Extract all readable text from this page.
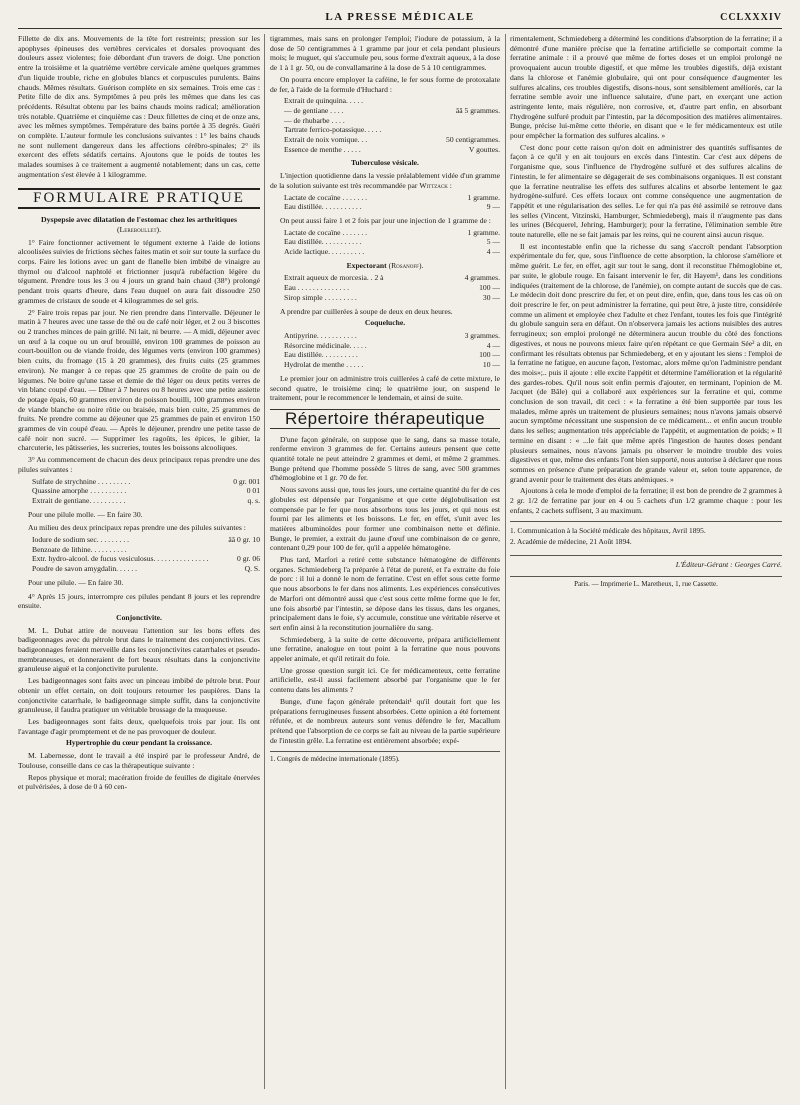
LA PRESSE MÉDICALE	CCLXXXIV

Fillette de dix ans. Mouvements de la tête fort restreints; pression sur les apophyses épineuses des vertèbres cervicales et dorsales provoquant des douleurs assez violentes; foie débordant d'un travers de doigt. Une ponction entre la troisième et la quatrième vertèbre cervicale amène quelques grammes d'un liquide trouble, riche en globules blancs et corpuscules purulents. Bains chauds. Mêmes résultats. Guérison complète en six semaines. Trois eme cas : Petite fille de dix ans. Symptômes à peu près les mêmes que dans les cas précédents. Résultat obtenu par les bains chauds moins radical; amélioration très notable. Quatrième et cinquième cas : Deux fillettes de cinq et de onze ans, avec les mêmes symptômes. Température des bains portée à 35 degrés. Guéri on complète. L'auteur formule les conclusions suivantes : 1° les bains chauds ne sont nullement dangereux dans les affections cérébro-spinales; 2° ils exercent des effets sédatifs certains. Ajoutons que le poids de toutes les malades soumises à ce traitement a augmenté notablement; dans un cas, cette augmentation s'est élevée à 1 kilogramme.

FORMULAIRE PRATIQUE
Dyspepsie avec dilatation de l'estomac chez les arthritiques (Lereboullet).

1° Faire fonctionner activement le tégument externe à l'aide de lotions alcoolisées suivies de frictions sèches faites matin et soir sur toute la surface du corps. Faire les lotions avec un gant de flanelle bien imbibé de vinaigre au thymol ou d'alcool naphtolé et frictionner jusqu'à rubéfaction légère du tégument. Prendre tous les 3 ou 4 jours un grand bain chaud (38°) prolongé pendant trois quarts d'heure, dans l'eau duquel on aura fait dissoudre 250 grammes de cristaux de soude et 4 kilogrammes de sel gris.

2° Faire trois repas par jour. Ne rien prendre dans l'intervalle. Déjeuner le matin à 7 heures avec une tasse de thé ou de café noir léger, et 2 ou 3 biscottes ou 2 tranches minces de pain grillé. Ni lait, ni beurre. — A midi, déjeuner avec un œuf à la coque ou un œuf brouillé, environ 100 grammes de poisson au court-bouillon ou de viande froide, des légumes verts (environ 100 grammes) bien cuits, du fromage (15 à 20 grammes), des fruits cuits (25 grammes environ). Ne manger à ce repas que 25 grammes de croûte de pain ou de légumes. Ne boire qu'une tasse et demie de thé léger ou deux petits verres de vin blanc coupé d'eau. — Dîner à 7 heures ou 8 heures avec une petite assiette de potage épais, 60 grammes environ de poisson bouilli, 100 grammes environ de viande blanche ou noire rôtie ou braisée, mais bien cuite, 25 grammes de fruits. Ne prendre comme au déjeuner que 25 grammes de pain et environ 150 grammes de vin coupé d'eau. — Après le déjeuner, prendre une petite tasse de café noir non sucré. — Supprimer les ragoûts, les épices, le gibier, la charcuterie, les pâtisseries, les sucreries, toutes les boissons alcooliques.

3° Au commencement de chacun des deux principaux repas prendre une des pilules suivantes :

Sulfate de strychnine . . . . . . . . .	0 gr. 001
Quassine amorphe . . . . . . . . . .	0 01
Extrait de gentiane. . . . . . . . . .	q. s.

Pour une pilule molle. — En faire 30.

Au milieu des deux principaux repas prendre une des pilules suivantes :

Iodure de sodium sec. . . . . . . . .	ââ 0 gr. 10
Benzoate de lithine. . . . . . . . . .
Extr. hydro-alcool. de fucus vesiculosus. . . . . . . . . . . . . . .	0 gr. 06
Poudre de savon amygdalin. . . . . .	Q. S.

Pour une pilule. — En faire 30.

4° Après 15 jours, interrompre ces pilules pendant 8 jours et les reprendre ensuite.

Conjonctivite.

M. L. Dubat attire de nouveau l'attention sur les bons effets des badigeonnages avec du pétrole brut dans le traitement des conjonctivites. Ces badigeonnages feraient merveille dans les conjonctivites catarrhales et pseudo-membraneuses, et donneraient de fort beaux résultats dans la conjonctivite granuleuse aiguë et la conjonctivite purulente.

Les badigeonnages sont faits avec un pinceau imbibé de pétrole brut. Pour obtenir un effet certain, on doit toujours retourner les paupières. Dans la conjonctivite catarrhale, le badigeonnage simple suffit, dans la conjonctivite granuleuse, il faudra pratiquer un véritable brossage de la muqueuse.

Les badigeonnages sont faits deux, quelquefois trois par jour. Ils ont l'avantage d'agir promptement et de ne pas provoquer de douleur.

Hypertrophie du cœur pendant la croissance.

M. Labernesse, dont le travail a été inspiré par le professeur André, de Toulouse, conseille dans ce cas la thérapeutique suivante :

Repos physique et moral; macération froide de feuilles de digitale énervées et pulvérisées, à dose de 0 à 60 cen-

tigrammes, mais sans en prolonger l'emploi; l'iodure de potassium, à la dose de 50 centigrammes à 1 gramme par jour et cela pendant plusieurs mois; le muguet, qui s'accumule peu, sous forme d'extrait aqueux, à la dose de 1 à 1 gr. 50, ou de convallamarine à la dose de 5 à 10 centigrammes.

On pourra encore employer la caféine, le fer sous forme de protoxalate de fer, à l'aide de la formule d'Huchard :

Extrait de quinquina. . . . .
— de gentiane . . . .	ââ 5 grammes.
— de rhubarbe . . . .
Tartrate ferrico-potassique. . . . .
Extrait de noix vomique. . .	50 centigrammes.
Essence de menthe . . . . .	V gouttes.
Tuberculose vésicale.

L'injection quotidienne dans la vessie préalablement vidée d'un gramme de la solution suivante est très recommandée par Wittzack :

Lactate de cocaïne . . . . . . .	1 gramme.
Eau distillée. . . . . . . . . . .	9 —

On peut aussi faire 1 et 2 fois par jour une injection de 1 gramme de :

Lactate de cocaïne . . . . . . .	1 gramme.
Eau distillée. . . . . . . . . . .	5 —
Acide lactique. . . . . . . . . .	4 —
Expectorant (Rosanoff).
Extrait aqueux de morcesia. . 2 à	4 grammes.
Eau . . . . . . . . . . . . . .	100 —
Sirop simple . . . . . . . . .	30 —

A prendre par cuillerées à soupe de deux en deux heures.

Coqueluche.
Antipyrine. . . . . . . . . . .	3 grammes.
Résorcine médicinale. . . . .	4 —
Eau distillée. . . . . . . . . .	100 —
Hydrolat de menthe . . . . .	10 —

Le premier jour on administre trois cuillerées à café de cette mixture, le second quatre, le troisième cinq; le quatrième jour, on suspend le traitement, pour le recommencer le lendemain, et ainsi de suite.

Répertoire thérapeutique

D'une façon générale, on suppose que le sang, dans sa masse totale, renferme environ 3 grammes de fer. Certains auteurs pensent que cette quantité totale ne peut atteindre 2 grammes et demi, et même 2 grammes. Bunge prétend que l'homme possède 5 litres de sang, avec 500 grammes d'hémoglobine et 1 gr. 70 de fer.

Nous savons aussi que, tous les jours, une certaine quantité du fer de ces globules est dépensée par l'organisme et que cette déglobulisation est compensée par le fer que nous absorbons tous les jours, et qui nous est fourni par les aliments et les boissons. Le fer, en effet, s'unit avec les matières albuminoïdes pour former une combinaison nette et définie. Bunge, le premier, a extrait du jaune d'œuf une combinaison de ce genre, contenant 0,29 pour 100 de fer, qu'il a appelée hématogène.

Plus tard, Marfori a retiré cette substance hématogène de différents organes. Schmiedeberg l'a préparée à l'état de pureté, et l'a extraite du foie de porc : il lui a donné le nom de ferratine. C'est en effet sous cette forme que nous absorbons le fer dans nos aliments. Les expériences consécutives de Marfori ont démontré aussi que c'est sous cette même forme que le fer, une fois absorbé par l'intestin, se dépose dans les tissus, dans les organes, principalement dans le foie, s'y accumule, constitue une véritable réserve et sert enfin ainsi à la reconstitution journalière du sang.

Schmiedeberg, à la suite de cette découverte, prépara artificiellement une ferratine, analogue en tout point à la ferratine que nous pouvons appeler animale, et qu'il retirait du foie.

Une grosse question surgit ici. Ce fer médicamenteux, cette ferratine artificielle, est-il aussi facilement absorbé par l'organisme que le fer contenu dans les aliments ?

Bunge, d'une façon générale prétendait¹ qu'il doutait fort que les préparations ferrugineuses fussent absorbées. Cette opinion a été fortement réfutée, et de nombreux auteurs sont venus défendre le fer, Macallum prétend que l'absorption de ce corps se fait au niveau de la partie supérieure de l'intestin grêle. La ferratine est entièrement absorbée; expé-

1. Congrès de médecine internationale (1895).

rimentalement, Schmiedeberg a déterminé les conditions d'absorption de la ferratine; il a démontré d'une manière précise que la ferratine artificielle se comportait comme la ferratine animale : il a prouvé que même de fortes doses et un emploi prolongé ne provoquaient aucun trouble digestif, et que même les troubles digestifs, déjà existant dans la chlorose et l'anémie globulaire, qui ont pour conséquence d'augmenter les sulfures alcalins, ces troubles digestifs, disons-nous, sont sensiblement améliorés, car la ferratine semble avoir une influence salutaire, d'une part, en exerçant une action astringente lente, mais régulière, non corrosive, et, d'autre part enfin, en absorbant l'hydrogène sulfuré produit par l'intestin, par la décomposition des matières alimentaires. Bunge, précise lui-même cette théorie, en disant que « le fer médicamenteux est utile pour empêcher la formation des sulfures alcalins. »

C'est donc pour cette raison qu'on doit en administrer des quantités suffisantes de façon à ce qu'il y en ait toujours en excès dans l'intestin. Car c'est aux dépens de l'organisme que, sous l'influence de l'hydrogène sulfuré et des sulfures alcalins de l'intestin, le fer alimentaire se dégagerait de ses combinaisons organiques. Il est constant que la ferratine neutralise les effets des sulfures alcalins et absorbe lentement le gaz hydrogène-sulfuré. Ces effets locaux ont comme conséquence une augmentation de l'appétit et une régularisation des selles. Le fer qui n'a pas été assimilé se retrouve dans les selles (Vincent, Vitzinski, Hamburger, Schmiedeberg), mais il n'augmente pas dans les urines (Bécquerel, Jehring, Hamburger); pour la ferratine, l'élimination semble être toute naturelle, elle ne se fait jamais par les reins, qui ne courent ainsi aucun risque.

Il est incontestable enfin que la richesse du sang s'accroît pendant l'absorption expérimentale du fer, que, sous l'influence de cette absorption, la chlorose s'améliore et même guérit. Le fer, en effet, agit sur tout le sang, dont il reconstitue l'hémoglobine et, par suite, le globule rouge. En faisant intervenir le fer, dit Hayem¹, dans les conditions indiquées (traitement de la chlorose, de l'anémie), on compte autant de succès que de cas. Le médecin doit donc prescrire du fer, et on peut dire, enfin, que, dans tous les cas où on doit prescrire le fer, on peut administrer la ferratine, qui peut être, à juste titre, considérée comme un aliment et employée chez l'adulte et chez l'enfant, toutes les fois que l'intégrité du globule sanguin sera en défaut. On n'observera jamais les actions nuisibles des autres ferrugineux; son emploi prolongé ne déterminera aucun trouble du côté des fonctions digestives, et nous ne pouvons mieux faire qu'en répétant ce que Germain Sée² a dit, en confirmant les résultats obtenus par Schmiedeberg, et en y ajoutant les siens : l'emploi de la ferratine ne fatigue, en aucune façon, l'estomac, alors même qu'on l'administre pendant des mois»;.. puis il ajoute : elle excite l'appétit et détermine l'amélioration et la régularité des gardes-robes. Qu'il nous soit enfin permis d'ajouter, en terminant, l'opinion de M. Jacquet (de Bâle) qui a collaboré aux expériences sur la ferratine et qui, comme conclusion de son travail, dit ceci : « la ferratine a été bien supportée par tous les malades, même après un traitement de plusieurs semaines; nous n'avons jamais observé aucun symptôme nécessitant une suspension de ce médicament... et enfin aucun trouble dans les selles; augmentation très appréciable de l'appétit, et augmentation de poids; » Il termine en disant : « ...le fait que même après l'ingestion de hautes doses pendant plusieurs semaines, nous n'avons jamais pu observer le moindre trouble des voies digestives et que, même des enfants l'ont bien supporté, nous autorise à déclarer que nous sommes en présence d'une préparation de grande valeur et, selon toute apparence, de grand avenir pour le traitement des états anémiques. »

Ajoutons à cela le mode d'emploi de la ferratine; il est bon de prendre de 2 grammes à 2 gr. 1/2 de ferratine par jour en 4 ou 5 cachets d'un 1/2 gramme chaque : pour les enfants, 2 cachets suffisent, 3 au maximum.

1. Communication à la Société médicale des hôpitaux, Avril 1895.
2. Académie de médecine, 21 Août 1894.
L'Éditeur-Gérant : Georges Carré.
Paris. — Imprimerie L. Maretheux, 1, rue Cassette.
